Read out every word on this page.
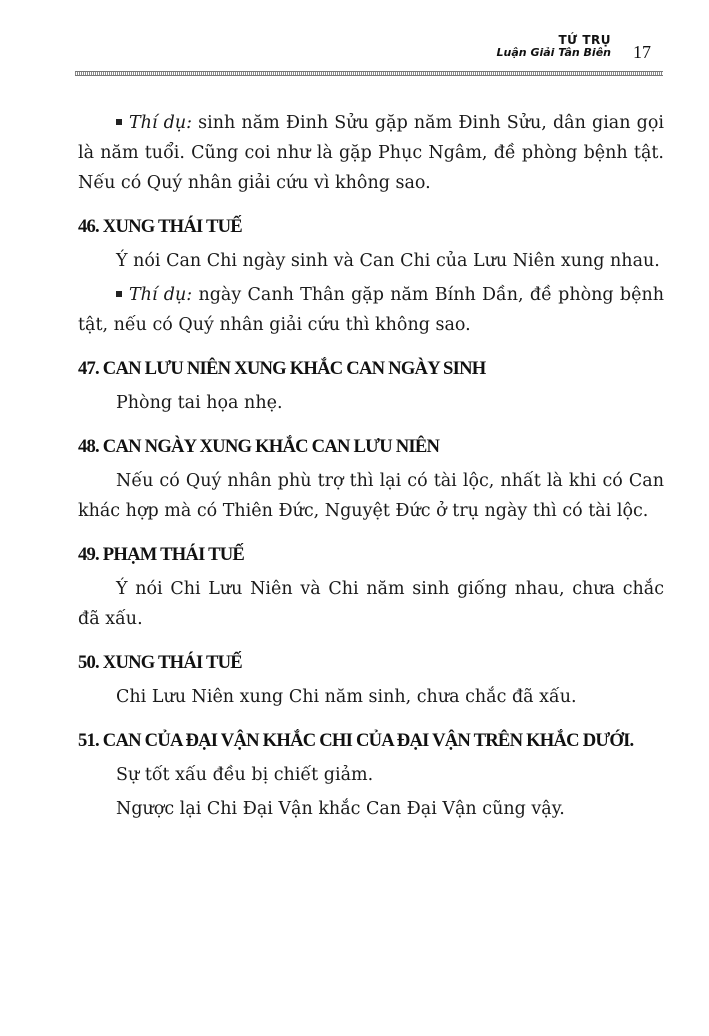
TỨ TRỤ
Luận Giải Tân Biên 17

Thí dụ: sinh năm Đinh Sửu gặp năm Đinh Sửu, dân gian gọi là năm tuổi. Cũng coi như là gặp Phục Ngâm, đề phòng bệnh tật. Nếu có Quý nhân giải cứu vì không sao.

46. XUNG THÁI TUẾ

Ý nói Can Chi ngày sinh và Can Chi của Lưu Niên xung nhau.

Thí dụ: ngày Canh Thân gặp năm Bính Dần, đề phòng bệnh tật, nếu có Quý nhân giải cứu thì không sao.

47. CAN LƯU NIÊN XUNG KHẮC CAN NGÀY SINH

Phòng tai họa nhẹ.

48. CAN NGÀY XUNG KHẮC CAN LƯU NIÊN

Nếu có Quý nhân phù trợ thì lại có tài lộc, nhất là khi có Can khác hợp mà có Thiên Đức, Nguyệt Đức ở trụ ngày thì có tài lộc.

49. PHẠM THÁI TUẾ

Ý nói Chi Lưu Niên và Chi năm sinh giống nhau, chưa chắc đã xấu.

50. XUNG THÁI TUẾ

Chi Lưu Niên xung Chi năm sinh, chưa chắc đã xấu.

51. CAN CỦA ĐẠI VẬN KHẮC CHI CỦA ĐẠI VẬN TRÊN KHẮC DƯỚI.

Sự tốt xấu đều bị chiết giảm.

Ngược lại Chi Đại Vận khắc Can Đại Vận cũng vậy.
